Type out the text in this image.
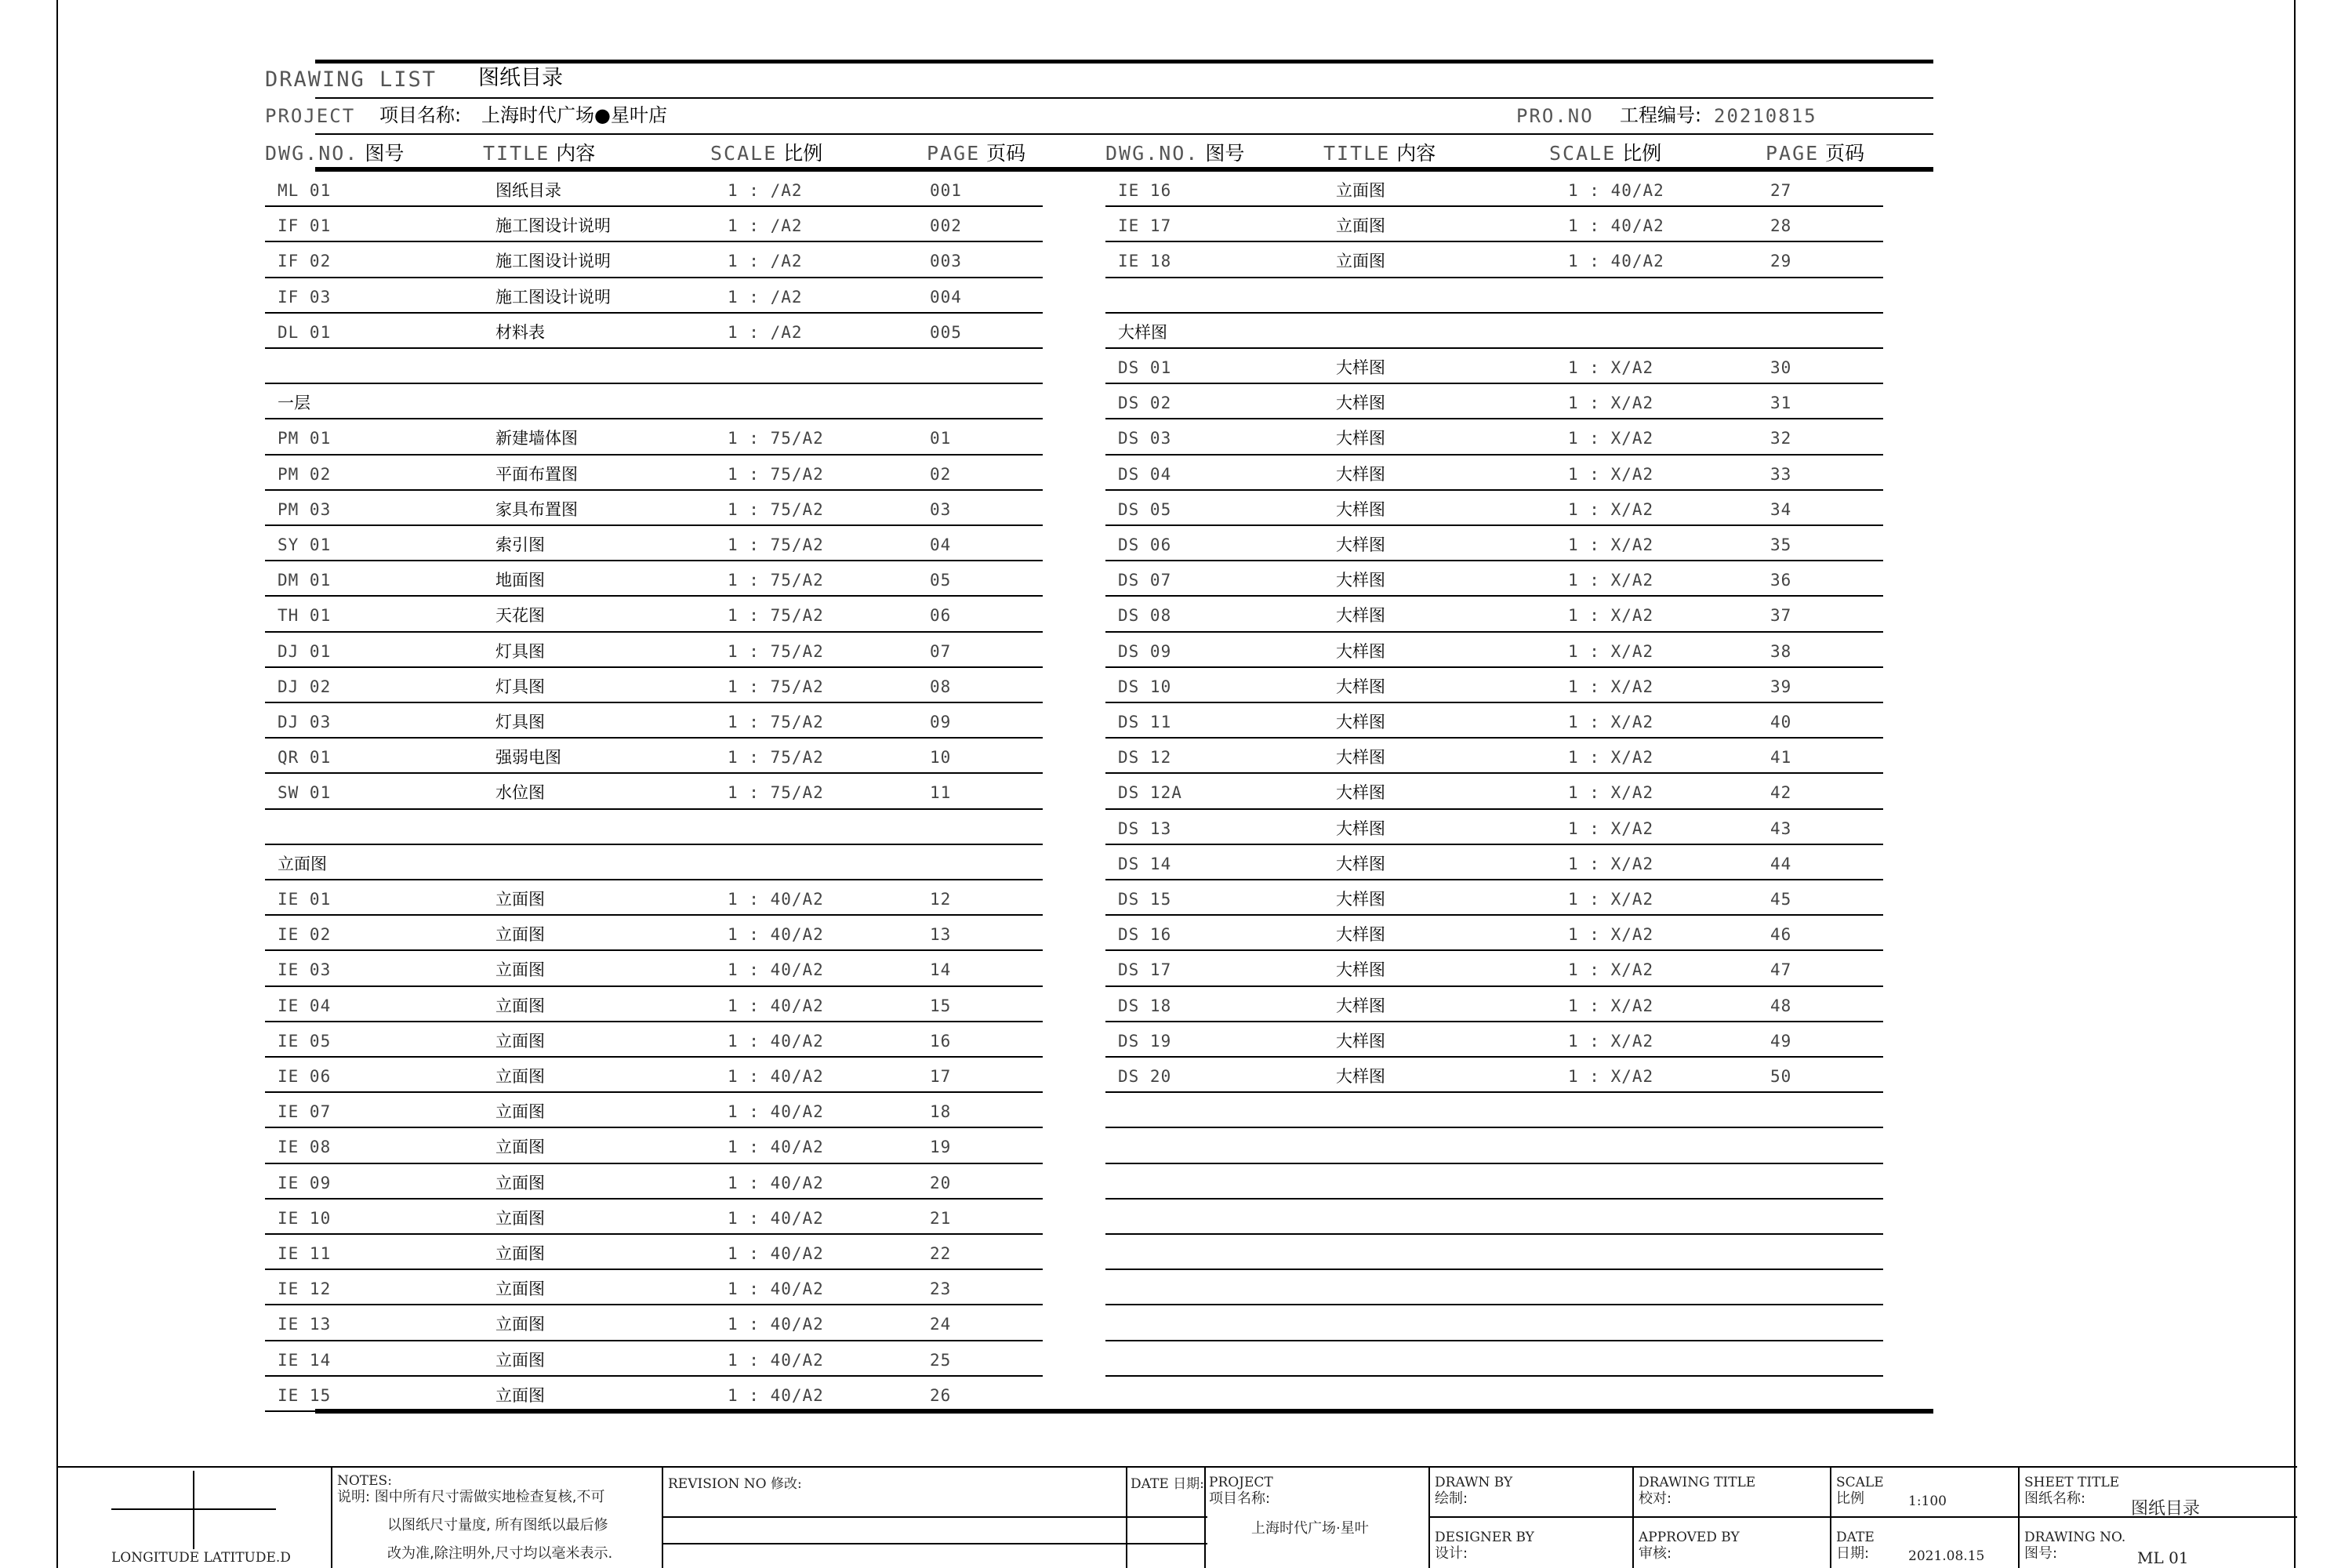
DRAWING LIST 图纸目录
PROJECT 项目名称: 上海时代广场●星叶店	PRO.NO 工程编号: 20210815
DWG.NO. 图号	TITLE 内容	SCALE 比例	PAGE 页码	DWG.NO. 图号	TITLE 内容	SCALE 比例	PAGE 页码
ML 01	图纸目录	1 : /A2	001
IF 01	施工图设计说明	1 : /A2	002
IF 02	施工图设计说明	1 : /A2	003
IF 03	施工图设计说明	1 : /A2	004
DL 01	材料表	1 : /A2	005
一层
PM 01	新建墙体图	1 : 75/A2	01
PM 02	平面布置图	1 : 75/A2	02
PM 03	家具布置图	1 : 75/A2	03
SY 01	索引图	1 : 75/A2	04
DM 01	地面图	1 : 75/A2	05
TH 01	天花图	1 : 75/A2	06
DJ 01	灯具图	1 : 75/A2	07
DJ 02	灯具图	1 : 75/A2	08
DJ 03	灯具图	1 : 75/A2	09
QR 01	强弱电图	1 : 75/A2	10
SW 01	水位图	1 : 75/A2	11
立面图
IE 01	立面图	1 : 40/A2	12
IE 02	立面图	1 : 40/A2	13
IE 03	立面图	1 : 40/A2	14
IE 04	立面图	1 : 40/A2	15
IE 05	立面图	1 : 40/A2	16
IE 06	立面图	1 : 40/A2	17
IE 07	立面图	1 : 40/A2	18
IE 08	立面图	1 : 40/A2	19
IE 09	立面图	1 : 40/A2	20
IE 10	立面图	1 : 40/A2	21
IE 11	立面图	1 : 40/A2	22
IE 12	立面图	1 : 40/A2	23
IE 13	立面图	1 : 40/A2	24
IE 14	立面图	1 : 40/A2	25
IE 15	立面图	1 : 40/A2	26
IE 16	立面图	1 : 40/A2	27
IE 17	立面图	1 : 40/A2	28
IE 18	立面图	1 : 40/A2	29
大样图
DS 01	大样图	1 : X/A2	30
DS 02	大样图	1 : X/A2	31
DS 03	大样图	1 : X/A2	32
DS 04	大样图	1 : X/A2	33
DS 05	大样图	1 : X/A2	34
DS 06	大样图	1 : X/A2	35
DS 07	大样图	1 : X/A2	36
DS 08	大样图	1 : X/A2	37
DS 09	大样图	1 : X/A2	38
DS 10	大样图	1 : X/A2	39
DS 11	大样图	1 : X/A2	40
DS 12	大样图	1 : X/A2	41
DS 12A	大样图	1 : X/A2	42
DS 13	大样图	1 : X/A2	43
DS 14	大样图	1 : X/A2	44
DS 15	大样图	1 : X/A2	45
DS 16	大样图	1 : X/A2	46
DS 17	大样图	1 : X/A2	47
DS 18	大样图	1 : X/A2	48
DS 19	大样图	1 : X/A2	49
DS 20	大样图	1 : X/A2	50
LONGITUDE LATITUDE.D
NOTES:
说明: 图中所有尺寸需做实地检查复核,不可
以图纸尺寸量度, 所有图纸以最后修
改为准,除注明外,尺寸均以毫米表示.
REVISION NO 修改:	DATE 日期: PROJECT
项目名称:
上海时代广场·星叶
DRAWN BY
绘制:
DESIGNER BY
设计:
DRAWING TITLE
校对:
APPROVED BY
审核:
SCALE
比例	1:100
DATE
日期:	2021.08.15
SHEET TITLE
图纸名称:
图纸目录
DRAWING NO.
图号:	ML 01
